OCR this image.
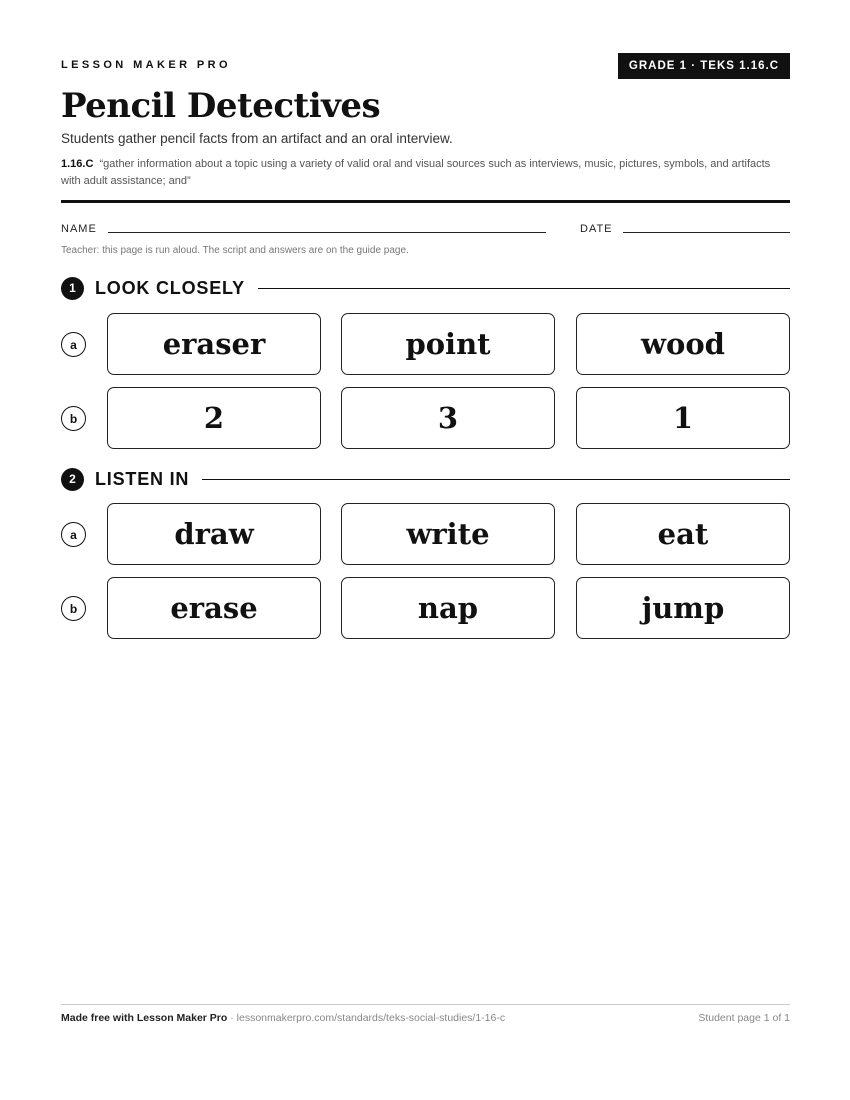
LESSON MAKER PRO	GRADE 1 · TEKS 1.16.C
Pencil Detectives
Students gather pencil facts from an artifact and an oral interview.
1.16.C “gather information about a topic using a variety of valid oral and visual sources such as interviews, music, pictures, symbols, and artifacts with adult assistance; and”
NAME	DATE
Teacher: this page is run aloud. The script and answers are on the guide page.
1	LOOK CLOSELY
a	eraser	point	wood
b	2	3	1
2	LISTEN IN
a	draw	write	eat
b	erase	nap	jump
Made free with Lesson Maker Pro · lessonmakerpro.com/standards/teks-social-studies/1-16-c	Student page 1 of 1
